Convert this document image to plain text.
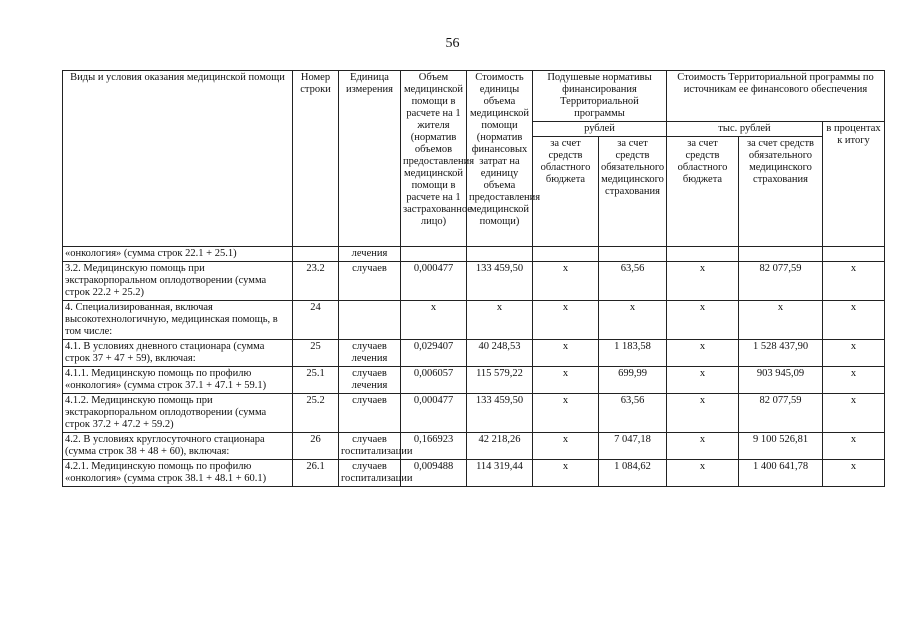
56
Виды и условия оказания медицинской помощи	Номер строки	Единица измерения	Объем медицинской помощи в расчете на 1 жителя (норматив объемов предоставления медицинской помощи в расчете на 1 застрахованное лицо)	Стоимость единицы объема медицинской помощи (норматив финансовых затрат на единицу объема предоставления медицинской помощи)	Подушевые нормативы финансирования Территориальной программы		Стоимость Территориальной программы по источникам ее финансового обеспечения		
					рублей		тыс. рублей		в процентах к итогу
					за счет средств областного бюджета	за счет средств обязательного медицинского страхования	за счет средств областного бюджета	за счет средств обязательного медицинского страхования	

«онкология» (сумма строк 22.1 + 25.1)		лечения							
3.2. Медицинскую помощь при экстракорпоральном оплодотворении (сумма строк 22.2 + 25.2)	23.2	случаев	0,000477	133 459,50	x	63,56	x	82 077,59	x
4. Специализированная, включая высокотехнологичную, медицинская помощь, в том числе:	24		x	x	x	x	x	x	x
4.1. В условиях дневного стационара (сумма строк 37 + 47 + 59), включая:	25	случаев лечения	0,029407	40 248,53	x	1 183,58	x	1 528 437,90	x
4.1.1. Медицинскую помощь по профилю «онкология» (сумма строк 37.1 + 47.1 + 59.1)	25.1	случаев лечения	0,006057	115 579,22	x	699,99	x	903 945,09	x
4.1.2. Медицинскую помощь при экстракорпоральном оплодотворении (сумма строк 37.2 + 47.2 + 59.2)	25.2	случаев	0,000477	133 459,50	x	63,56	x	82 077,59	x
4.2. В условиях круглосуточного стационара (сумма строк 38 + 48 + 60), включая:	26	случаев госпитализации	0,166923	42 218,26	x	7 047,18	x	9 100 526,81	x
4.2.1. Медицинскую помощь по профилю «онкология» (сумма строк 38.1 + 48.1 + 60.1)	26.1	случаев госпитализации	0,009488	114 319,44	x	1 084,62	x	1 400 641,78	x
